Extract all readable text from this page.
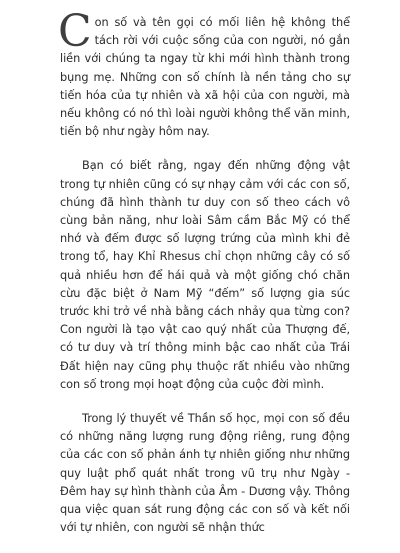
Con số và tên gọi có mối liên hệ không thể tách rời với cuộc sống của con người, nó gắn liền với chúng ta ngay từ khi mới hình thành trong bụng mẹ. Những con số chính là nền tảng cho sự tiến hóa của tự nhiên và xã hội của con người, mà nếu không có nó thì loài người không thể văn minh, tiến bộ như ngày hôm nay.

Bạn có biết rằng, ngay đến những động vật trong tự nhiên cũng có sự nhạy cảm với các con số, chúng đã hình thành tư duy con số theo cách vô cùng bản năng, như loài Sâm cầm Bắc Mỹ có thể nhớ và đếm được số lượng trứng của mình khi đẻ trong tổ, hay Khỉ Rhesus chỉ chọn những cây có số quả nhiều hơn để hái quả và một giống chó chăn cừu đặc biệt ở Nam Mỹ “đếm” số lượng gia súc trước khi trở về nhà bằng cách nhảy qua từng con? Con người là tạo vật cao quý nhất của Thượng đế, có tư duy và trí thông minh bậc cao nhất của Trái Đất hiện nay cũng phụ thuộc rất nhiều vào những con số trong mọi hoạt động của cuộc đời mình.

Trong lý thuyết về Thần số học, mọi con số đều có những năng lượng rung động riêng, rung động của các con số phản ánh tự nhiên giống như những quy luật phổ quát nhất trong vũ trụ như Ngày - Đêm hay sự hình thành của Âm - Dương vậy. Thông qua việc quan sát rung động các con số và kết nối với tự nhiên, con người sẽ nhận thức
